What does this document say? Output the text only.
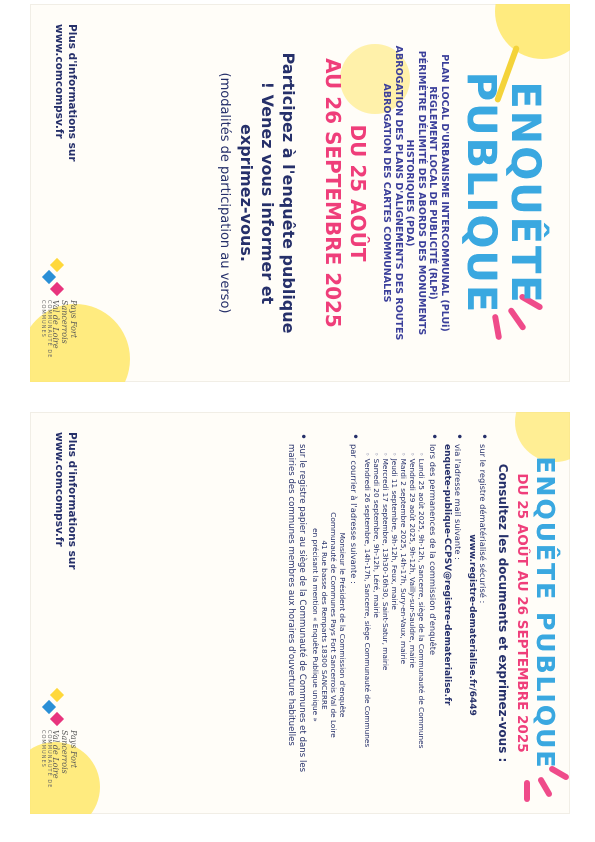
ENQUÊTE
PUBLIQUE
PLAN LOCAL D'URBANISME INTERCOMMUNAL (PLUi)
RÈGLEMENT LOCAL DE PUBLICITÉ (RLPi)
PÉRIMÈTRE DÉLIMITÉ DES ABORDS DES MONUMENTS
HISTORIQUES (PDA)
ABROGATION DES PLANS D'ALIGNEMENTS DES ROUTES
ABROGATION DES CARTES COMMUNALES
DU 25 AOÛT
AU 26 SEPTEMBRE 2025
Participez à l'enquête publique
! Venez vous informer et
exprimez-vous.
(modalités de participation au verso)
Plus d'informations sur
www.comcompsv.fr
Pays Fort Sancerrois
Val de Loire
COMMUNAUTÉ DE COMMUNES
ENQUÊTE PUBLIQUE
DU 25 AOÛT AU 26 SEPTEMBRE 2025
Consultez les documents et exprimez-vous :
• sur le registre dématérialisé sécurisé :
www.registre-dematerialise.fr/6449
• via l'adresse mail suivante :
enquete-publique-CCPSV@registre-dematerialise.fr
• lors des permanences de la commission d'enquête
◦ Lundi 25 août 2025, 9h-12h, Sancerre, siège de la Communauté de Communes
◦ Vendredi 29 août 2025, 9h-12h, Vailly-sur-Sauldre, mairie
◦ Mardi 2 septembre 2025, 14h-17h, Sury-en-Vaux, mairie
◦ Jeudi 11 septembre, 9h-12h, Feux, mairie
◦ Mercredi 17 septembre, 13h30-16h30, Saint-Satur, mairie
◦ Samedi 20 septembre, 9h-12h, Léré, mairie
◦ Vendredi 26 septembre, 14h-17h, Sancerre, siège Communauté de Communes
• par courrier à l'adresse suivante :
Monsieur le Président de la Commission d'enquête
Communauté de Communes Pays Fort Sancerrois Val de Loire
41 Rue basse des Remparts 18300 SANCERRE
en précisant la mention « Enquête Publique unique »
• sur le registre papier au siège de la Communauté de Communes et dans les mairies des communes membres aux horaires d'ouverture habituelles
Plus d'informations sur
www.comcompsv.fr
Pays Fort Sancerrois
Val de Loire
COMMUNAUTÉ DE COMMUNES
